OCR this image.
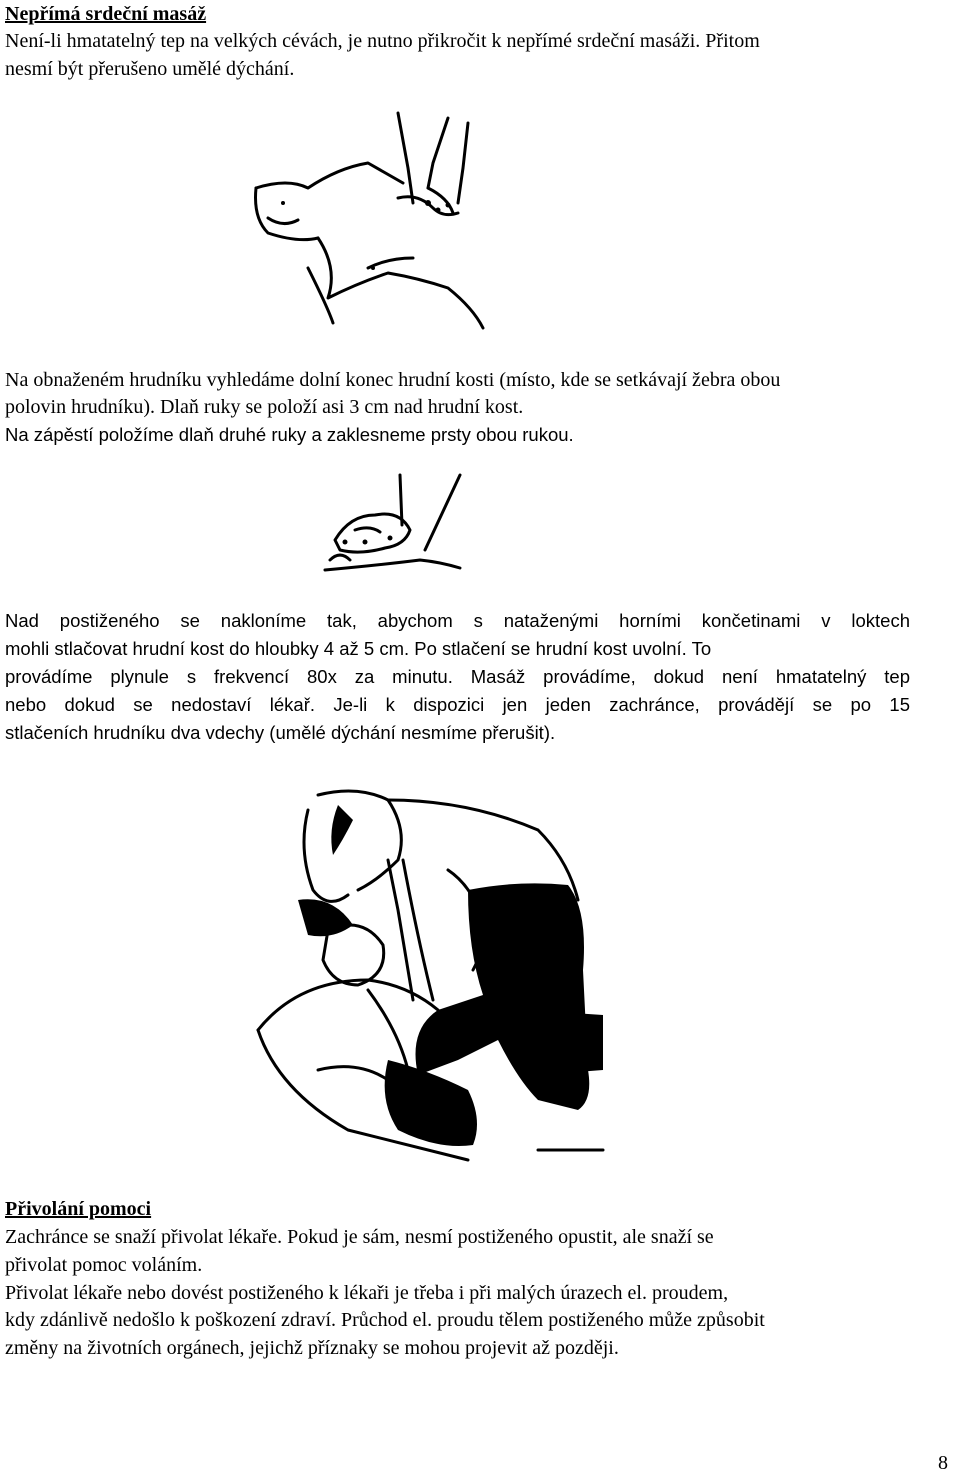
Nepřímá srdeční masáž
Není-li hmatatelný tep na velkých cévách, je nutno přikročit k nepřímé srdeční masáži. Přitom
nesmí být přerušeno umělé dýchání.
Na obnaženém hrudníku vyhledáme dolní konec hrudní kosti (místo, kde se setkávají žebra obou
polovin hrudníku). Dlaň ruky se položí asi 3 cm nad hrudní kost.
Na zápěstí položíme dlaň druhé ruky a zaklesneme prsty obou rukou.
Nad postiženého se nakloníme tak, abychom s nataženými horními končetinami v loktech
mohli stlačovat hrudní kost do hloubky 4 až 5 cm. Po stlačení se hrudní kost uvolní. To
provádíme plynule s frekvencí 80x za minutu. Masáž provádíme, dokud není hmatatelný tep
nebo dokud se nedostaví lékař. Je-li k dispozici jen jeden zachránce, provádějí se po 15
stlačeních hrudníku dva vdechy (umělé dýchání nesmíme přerušit).
Přivolání pomoci
Zachránce se snaží přivolat lékaře. Pokud je sám, nesmí postiženého opustit, ale snaží se
přivolat pomoc voláním.
Přivolat lékaře nebo dovést postiženého k lékaři je třeba i při malých úrazech el. proudem,
kdy zdánlivě nedošlo k poškození zdraví. Průchod el. proudu tělem postiženého může způsobit
změny na životních orgánech, jejichž příznaky se mohou projevit až později.
8
